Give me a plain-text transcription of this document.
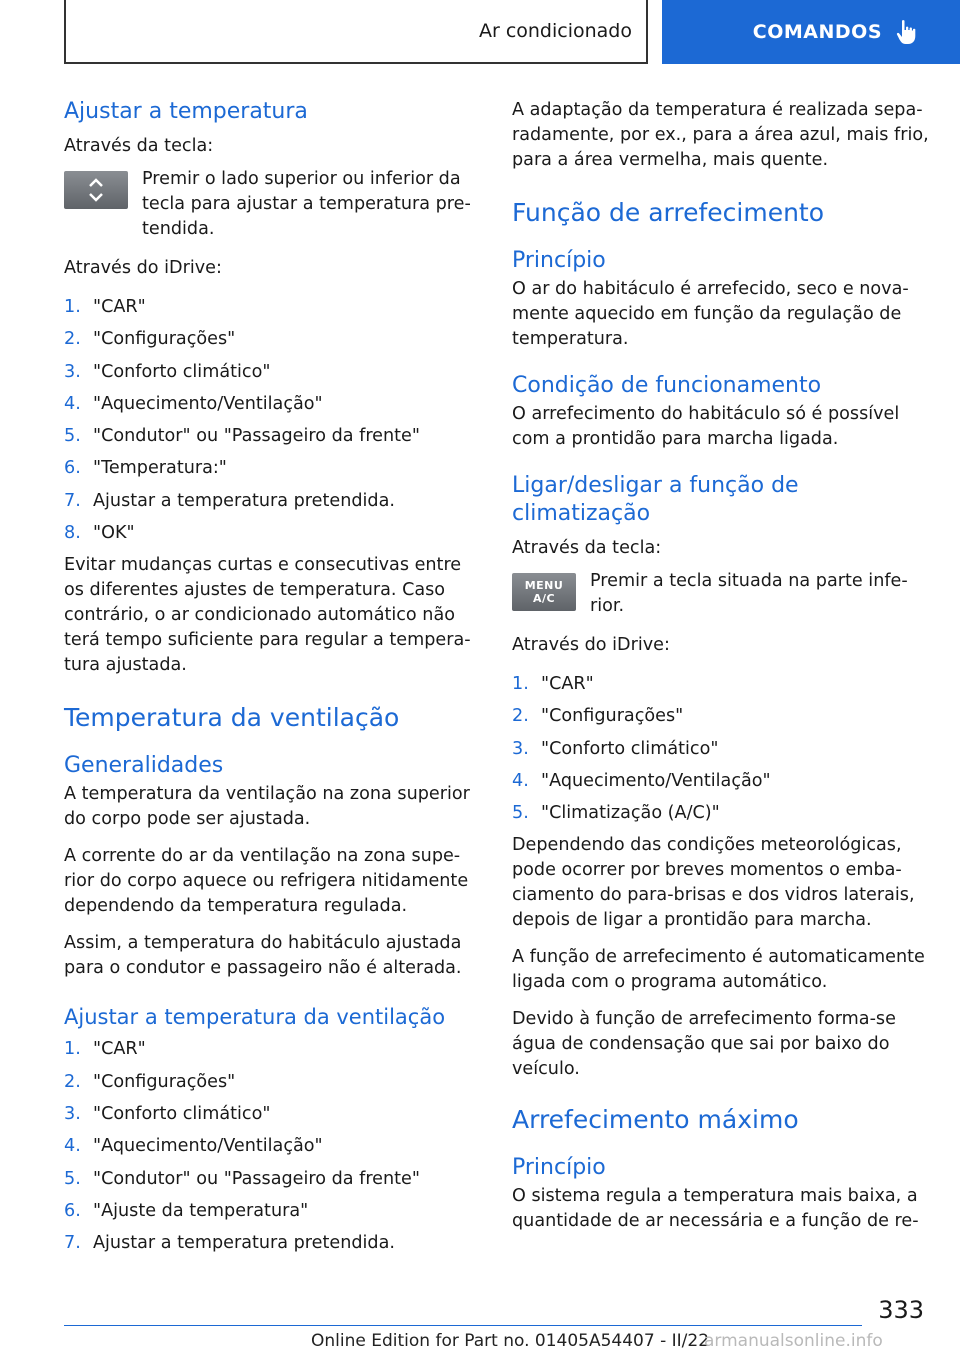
Ar condicionado	COMANDOS
Ajustar a temperatura

Através da tecla:

Premir o lado superior ou inferior da tecla para ajustar a temperatura pre-tendida.

Através do iDrive:

1. "CAR"
2. "Configurações"
3. "Conforto climático"
4. "Aquecimento/Ventilação"
5. "Condutor" ou "Passageiro da frente"
6. "Temperatura:"
7. Ajustar a temperatura pretendida.
8. "OK"

Evitar mudanças curtas e consecutivas entre os diferentes ajustes de temperatura. Caso contrário, o ar condicionado automático não terá tempo suficiente para regular a tempera-tura ajustada.

Temperatura da ventilação
Generalidades

A temperatura da ventilação na zona superior do corpo pode ser ajustada.

A corrente do ar da ventilação na zona supe-rior do corpo aquece ou refrigera nitidamente dependendo da temperatura regulada.

Assim, a temperatura do habitáculo ajustada para o condutor e passageiro não é alterada.

Ajustar a temperatura da ventilação
1. "CAR"
2. "Configurações"
3. "Conforto climático"
4. "Aquecimento/Ventilação"
5. "Condutor" ou "Passageiro da frente"
6. "Ajuste da temperatura"
7. Ajustar a temperatura pretendida.

A adaptação da temperatura é realizada sepa-radamente, por ex., para a área azul, mais frio, para a área vermelha, mais quente.

Função de arrefecimento
Princípio

O ar do habitáculo é arrefecido, seco e nova-mente aquecido em função da regulação de temperatura.

Condição de funcionamento

O arrefecimento do habitáculo só é possível com a prontidão para marcha ligada.

Ligar/desligar a função de climatização

Através da tecla:

MENU
A/C

Premir a tecla situada na parte infe-rior.

Através do iDrive:

1. "CAR"
2. "Configurações"
3. "Conforto climático"
4. "Aquecimento/Ventilação"
5. "Climatização (A/C)"

Dependendo das condições meteorológicas, pode ocorrer por breves momentos o emba-ciamento do para-brisas e dos vidros laterais, depois de ligar a prontidão para marcha.

A função de arrefecimento é automaticamente ligada com o programa automático.

Devido à função de arrefecimento forma-se água de condensação que sai por baixo do veículo.

Arrefecimento máximo
Princípio

O sistema regula a temperatura mais baixa, a quantidade de ar necessária e a função de re-

333
Online Edition for Part no. 01405A54407 - II/22
armanualsonline.info
